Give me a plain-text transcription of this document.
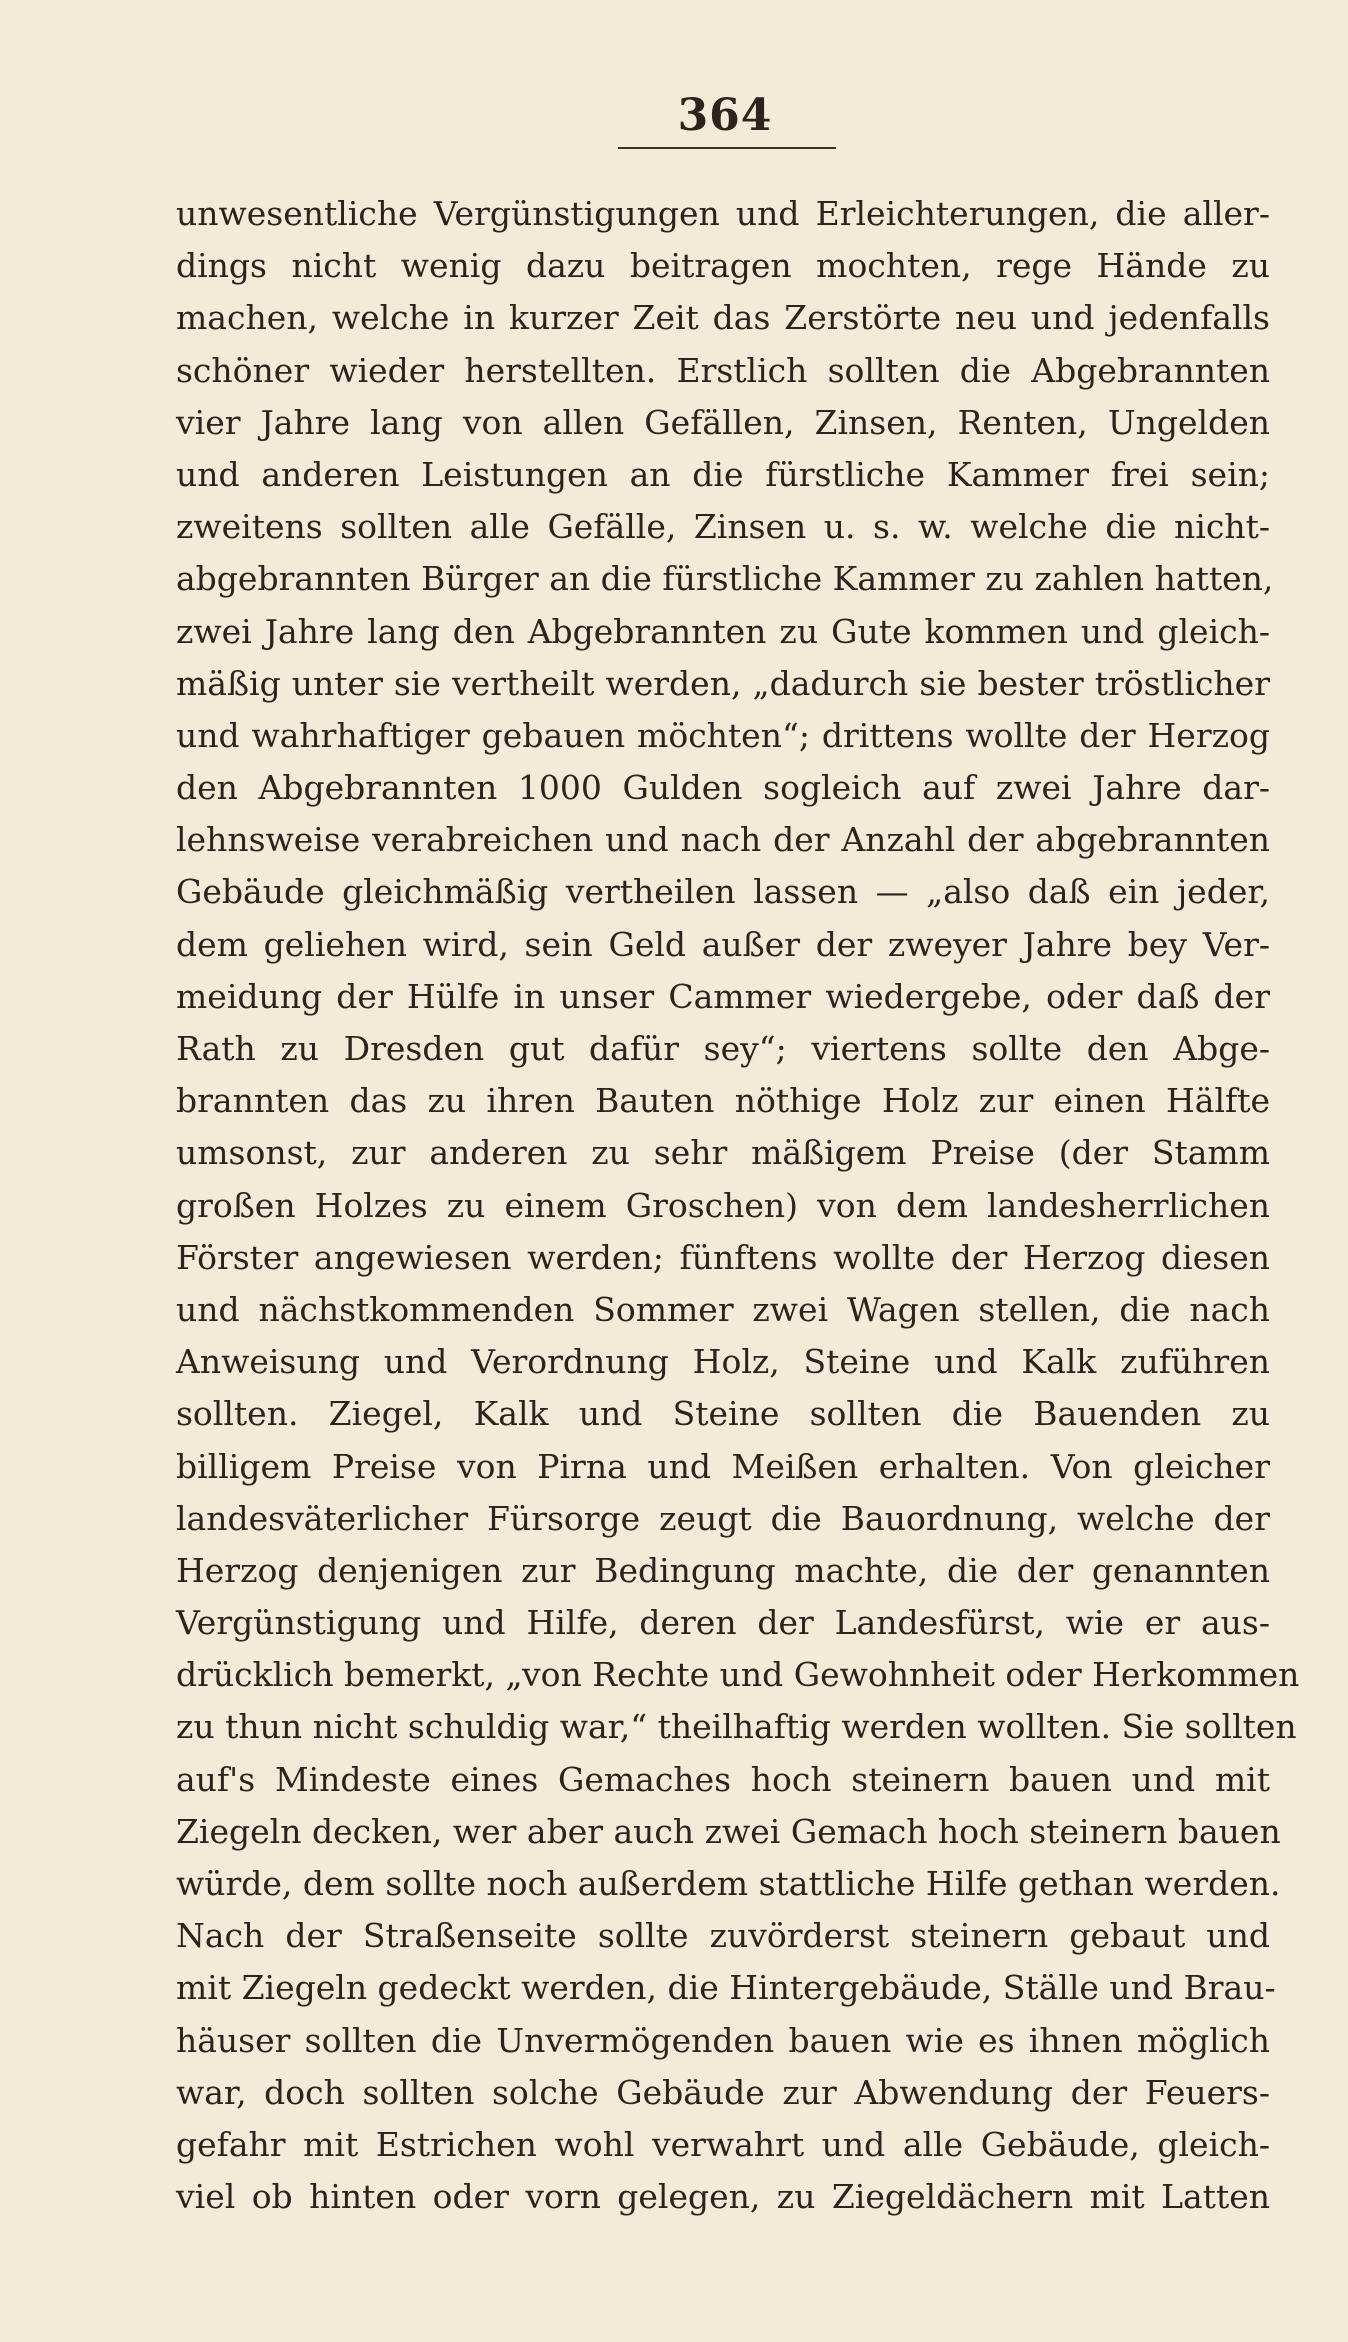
364
unwesentliche Vergünstigungen und Erleichterungen, die aller-
dings nicht wenig dazu beitragen mochten, rege Hände zu
machen, welche in kurzer Zeit das Zerstörte neu und jedenfalls
schöner wieder herstellten. Erstlich sollten die Abgebrannten
vier Jahre lang von allen Gefällen, Zinsen, Renten, Ungelden
und anderen Leistungen an die fürstliche Kammer frei sein;
zweitens sollten alle Gefälle, Zinsen u. s. w. welche die nicht-
abgebrannten Bürger an die fürstliche Kammer zu zahlen hatten,
zwei Jahre lang den Abgebrannten zu Gute kommen und gleich-
mäßig unter sie vertheilt werden, „dadurch sie bester tröstlicher
und wahrhaftiger gebauen möchten“; drittens wollte der Herzog
den Abgebrannten 1000 Gulden sogleich auf zwei Jahre dar-
lehnsweise verabreichen und nach der Anzahl der abgebrannten
Gebäude gleichmäßig vertheilen lassen — „also daß ein jeder,
dem geliehen wird, sein Geld außer der zweyer Jahre bey Ver-
meidung der Hülfe in unser Cammer wiedergebe, oder daß der
Rath zu Dresden gut dafür sey“; viertens sollte den Abge-
brannten das zu ihren Bauten nöthige Holz zur einen Hälfte
umsonst, zur anderen zu sehr mäßigem Preise (der Stamm
großen Holzes zu einem Groschen) von dem landesherrlichen
Förster angewiesen werden; fünftens wollte der Herzog diesen
und nächstkommenden Sommer zwei Wagen stellen, die nach
Anweisung und Verordnung Holz, Steine und Kalk zuführen
sollten. Ziegel, Kalk und Steine sollten die Bauenden zu
billigem Preise von Pirna und Meißen erhalten. Von gleicher
landesväterlicher Fürsorge zeugt die Bauordnung, welche der
Herzog denjenigen zur Bedingung machte, die der genannten
Vergünstigung und Hilfe, deren der Landesfürst, wie er aus-
drücklich bemerkt, „von Rechte und Gewohnheit oder Herkommen
zu thun nicht schuldig war,“ theilhaftig werden wollten. Sie sollten
auf's Mindeste eines Gemaches hoch steinern bauen und mit
Ziegeln decken, wer aber auch zwei Gemach hoch steinern bauen
würde, dem sollte noch außerdem stattliche Hilfe gethan werden.
Nach der Straßenseite sollte zuvörderst steinern gebaut und
mit Ziegeln gedeckt werden, die Hintergebäude, Ställe und Brau-
häuser sollten die Unvermögenden bauen wie es ihnen möglich
war, doch sollten solche Gebäude zur Abwendung der Feuers-
gefahr mit Estrichen wohl verwahrt und alle Gebäude, gleich-
viel ob hinten oder vorn gelegen, zu Ziegeldächern mit Latten
